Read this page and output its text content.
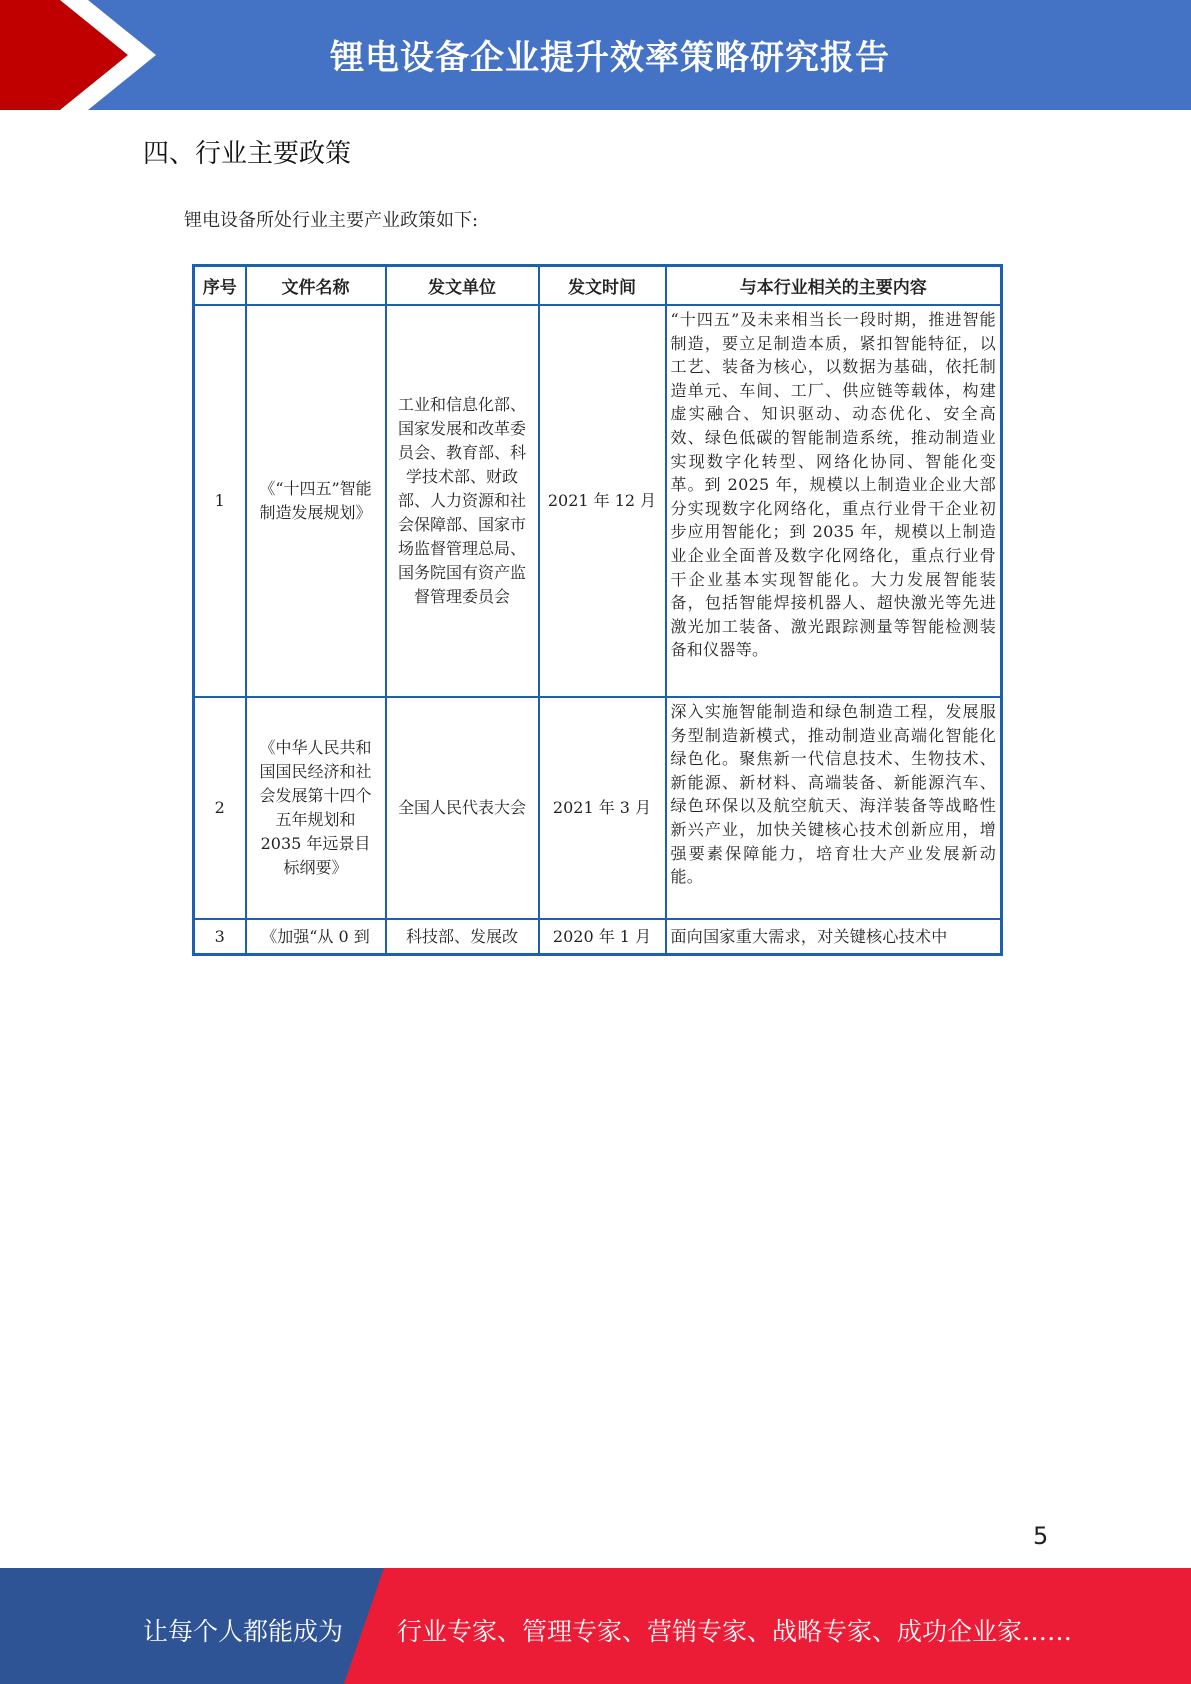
锂电设备企业提升效率策略研究报告
四、行业主要政策
锂电设备所处行业主要产业政策如下:
序号	文件名称	发文单位	发文时间	与本行业相关的主要内容
1	《“十四五”智能制造发展规划》	工业和信息化部、国家发展和改革委员会、教育部、科学技术部、财政部、人力资源和社会保障部、国家市场监督管理总局、国务院国有资产监督管理委员会	2021 年 12 月	“十四五”及未来相当长一段时期，推进智能制造，要立足制造本质，紧扣智能特征，以工艺、装备为核心，以数据为基础，依托制造单元、车间、工厂、供应链等载体，构建虚实融合、知识驱动、动态优化、安全高效、绿色低碳的智能制造系统，推动制造业实现数字化转型、网络化协同、智能化变革。到 2025 年，规模以上制造业企业大部分实现数字化网络化，重点行业骨干企业初步应用智能化；到 2035 年，规模以上制造业企业全面普及数字化网络化，重点行业骨干企业基本实现智能化。大力发展智能装备，包括智能焊接机器人、超快激光等先进激光加工装备、激光跟踪测量等智能检测装备和仪器等。
2	《中华人民共和国国民经济和社会发展第十四个五年规划和 2035 年远景目标纲要》	全国人民代表大会	2021 年 3 月	深入实施智能制造和绿色制造工程，发展服务型制造新模式，推动制造业高端化智能化绿色化。聚焦新一代信息技术、生物技术、新能源、新材料、高端装备、新能源汽车、绿色环保以及航空航天、海洋装备等战略性新兴产业，加快关键核心技术创新应用，增强要素保障能力，培育壮大产业发展新动能。
3	《加强“从 0 到	科技部、发展改	2020 年 1 月	面向国家重大需求，对关键核心技术中
5
让每个人都能成为 行业专家、管理专家、营销专家、战略专家、成功企业家……
